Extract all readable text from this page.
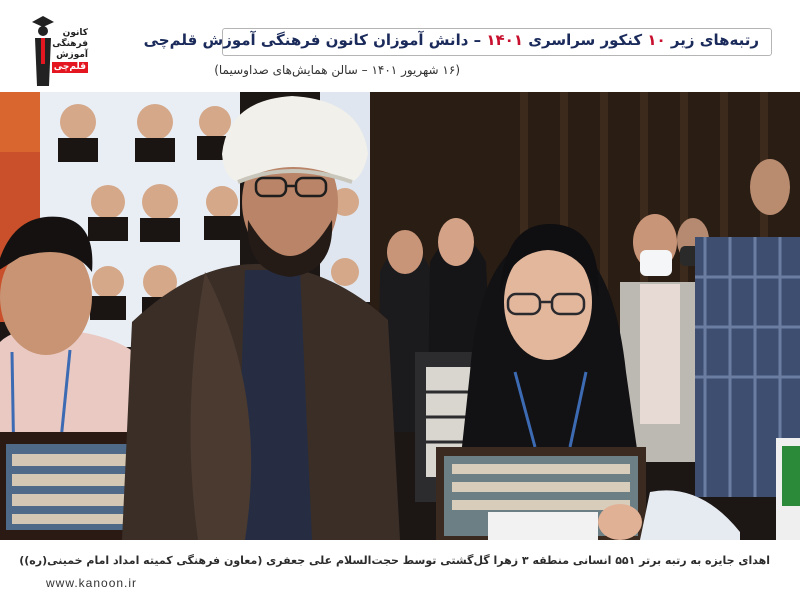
کانون
فرهنگی
آموزش
قلم‌چی
رتبه‌های زیر ۱۰ کنکور سراسری ۱۴۰۱ – دانش آموزان کانون فرهنگی آموزش قلم‌چی
(۱۶ شهریور ۱۴۰۱ – سالن همایش‌های صداوسیما)
اهدای جایزه به رتبه برتر ۵۵۱ انسانی منطقه ۳ زهرا گل‌گشتی توسط حجت‌السلام علی جعفری (معاون فرهنگی کمیته امداد امام خمینی(ره))
www.kanoon.ir
